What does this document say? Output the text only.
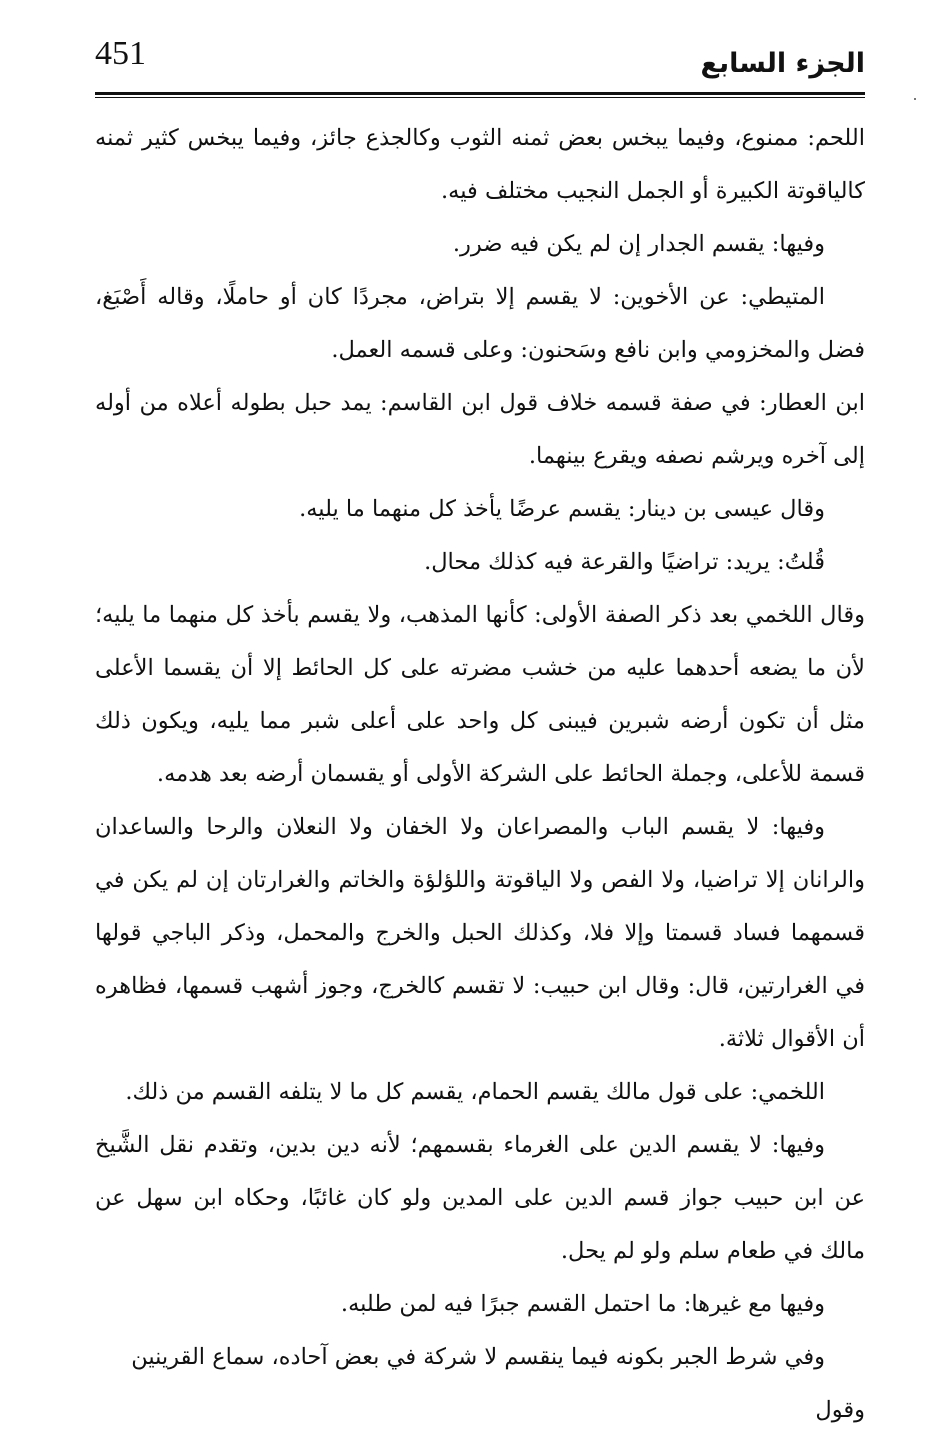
451	الجزء السابع

اللحم: ممنوع، وفيما يبخس بعض ثمنه الثوب وكالجذع جائز، وفيما يبخس كثير ثمنه كالياقوتة الكبيرة أو الجمل النجيب مختلف فيه.

وفيها: يقسم الجدار إن لم يكن فيه ضرر.

المتيطي: عن الأخوين: لا يقسم إلا بتراض، مجردًا كان أو حاملًا، وقاله أَصْبَغ، فضل والمخزومي وابن نافع وسَحنون: وعلى قسمه العمل.

ابن العطار: في صفة قسمه خلاف قول ابن القاسم: يمد حبل بطوله أعلاه من أوله إلى آخره ويرشم نصفه ويقرع بينهما.

وقال عيسى بن دينار: يقسم عرضًا يأخذ كل منهما ما يليه.

قُلتُ: يريد: تراضيًا والقرعة فيه كذلك محال.

وقال اللخمي بعد ذكر الصفة الأولى: كأنها المذهب، ولا يقسم بأخذ كل منهما ما يليه؛ لأن ما يضعه أحدهما عليه من خشب مضرته على كل الحائط إلا أن يقسما الأعلى مثل أن تكون أرضه شبرين فيبنى كل واحد على أعلى شبر مما يليه، ويكون ذلك قسمة للأعلى، وجملة الحائط على الشركة الأولى أو يقسمان أرضه بعد هدمه.

وفيها: لا يقسم الباب والمصراعان ولا الخفان ولا النعلان والرحا والساعدان والرانان إلا تراضيا، ولا الفص ولا الياقوتة واللؤلؤة والخاتم والغرارتان إن لم يكن في قسمهما فساد قسمتا وإلا فلا، وكذلك الحبل والخرج والمحمل، وذكر الباجي قولها في الغرارتين، قال: وقال ابن حبيب: لا تقسم كالخرج، وجوز أشهب قسمها، فظاهره أن الأقوال ثلاثة.

اللخمي: على قول مالك يقسم الحمام، يقسم كل ما لا يتلفه القسم من ذلك.

وفيها: لا يقسم الدين على الغرماء بقسمهم؛ لأنه دين بدين، وتقدم نقل الشَّيخ عن ابن حبيب جواز قسم الدين على المدين ولو كان غائبًا، وحكاه ابن سهل عن مالك في طعام سلم ولو لم يحل.

وفيها مع غيرها: ما احتمل القسم جبرًا فيه لمن طلبه.

وفي شرط الجبر بكونه فيما ينقسم لا شركة في بعض آحاده، سماع القرينين وقول
